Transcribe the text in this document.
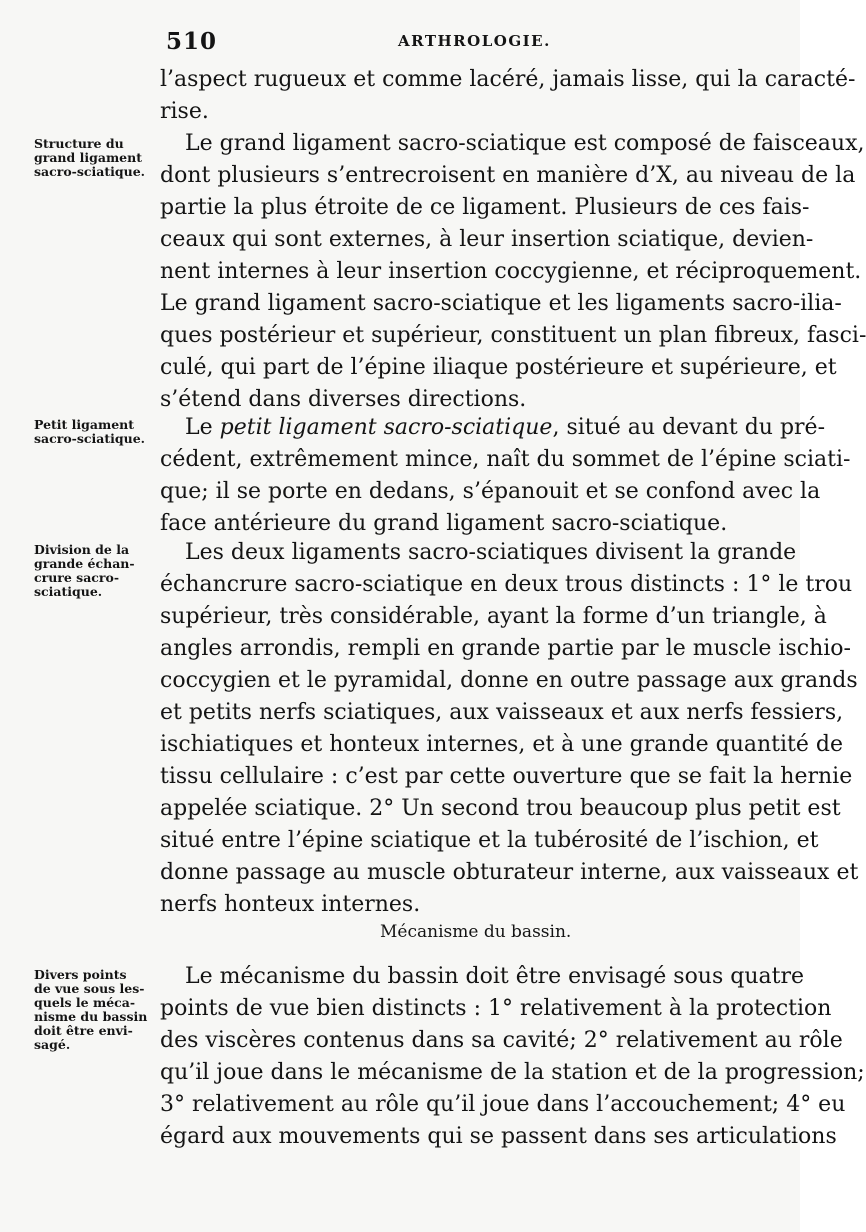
510	ARTHROLOGIE.
Structure du
grand ligament
sacro-sciatique.
Petit ligament
sacro-sciatique.
Division de la
grande échan-
crure sacro-
sciatique.
Divers points
de vue sous les-
quels le méca-
nisme du bassin
doit être envi-
sagé.
l’aspect rugueux et comme lacéré, jamais lisse, qui la caracté-
rise.
Le grand ligament sacro-sciatique est composé de faisceaux,
dont plusieurs s’entrecroisent en manière d’X, au niveau de la
partie la plus étroite de ce ligament. Plusieurs de ces fais-
ceaux qui sont externes, à leur insertion sciatique, devien-
nent internes à leur insertion coccygienne, et réciproquement.
Le grand ligament sacro-sciatique et les ligaments sacro-ilia-
ques postérieur et supérieur, constituent un plan fibreux, fasci-
culé, qui part de l’épine iliaque postérieure et supérieure, et
s’étend dans diverses directions.
Le petit ligament sacro-sciatique, situé au devant du pré-
cédent, extrêmement mince, naît du sommet de l’épine sciati-
que; il se porte en dedans, s’épanouit et se confond avec la
face antérieure du grand ligament sacro-sciatique.
Les deux ligaments sacro-sciatiques divisent la grande
échancrure sacro-sciatique en deux trous distincts : 1° le trou
supérieur, très considérable, ayant la forme d’un triangle, à
angles arrondis, rempli en grande partie par le muscle ischio-
coccygien et le pyramidal, donne en outre passage aux grands
et petits nerfs sciatiques, aux vaisseaux et aux nerfs fessiers,
ischiatiques et honteux internes, et à une grande quantité de
tissu cellulaire : c’est par cette ouverture que se fait la hernie
appelée sciatique. 2° Un second trou beaucoup plus petit est
situé entre l’épine sciatique et la tubérosité de l’ischion, et
donne passage au muscle obturateur interne, aux vaisseaux et
nerfs honteux internes.
Mécanisme du bassin.
Le mécanisme du bassin doit être envisagé sous quatre
points de vue bien distincts : 1° relativement à la protection
des viscères contenus dans sa cavité; 2° relativement au rôle
qu’il joue dans le mécanisme de la station et de la progression;
3° relativement au rôle qu’il joue dans l’accouchement; 4° eu
égard aux mouvements qui se passent dans ses articulations
